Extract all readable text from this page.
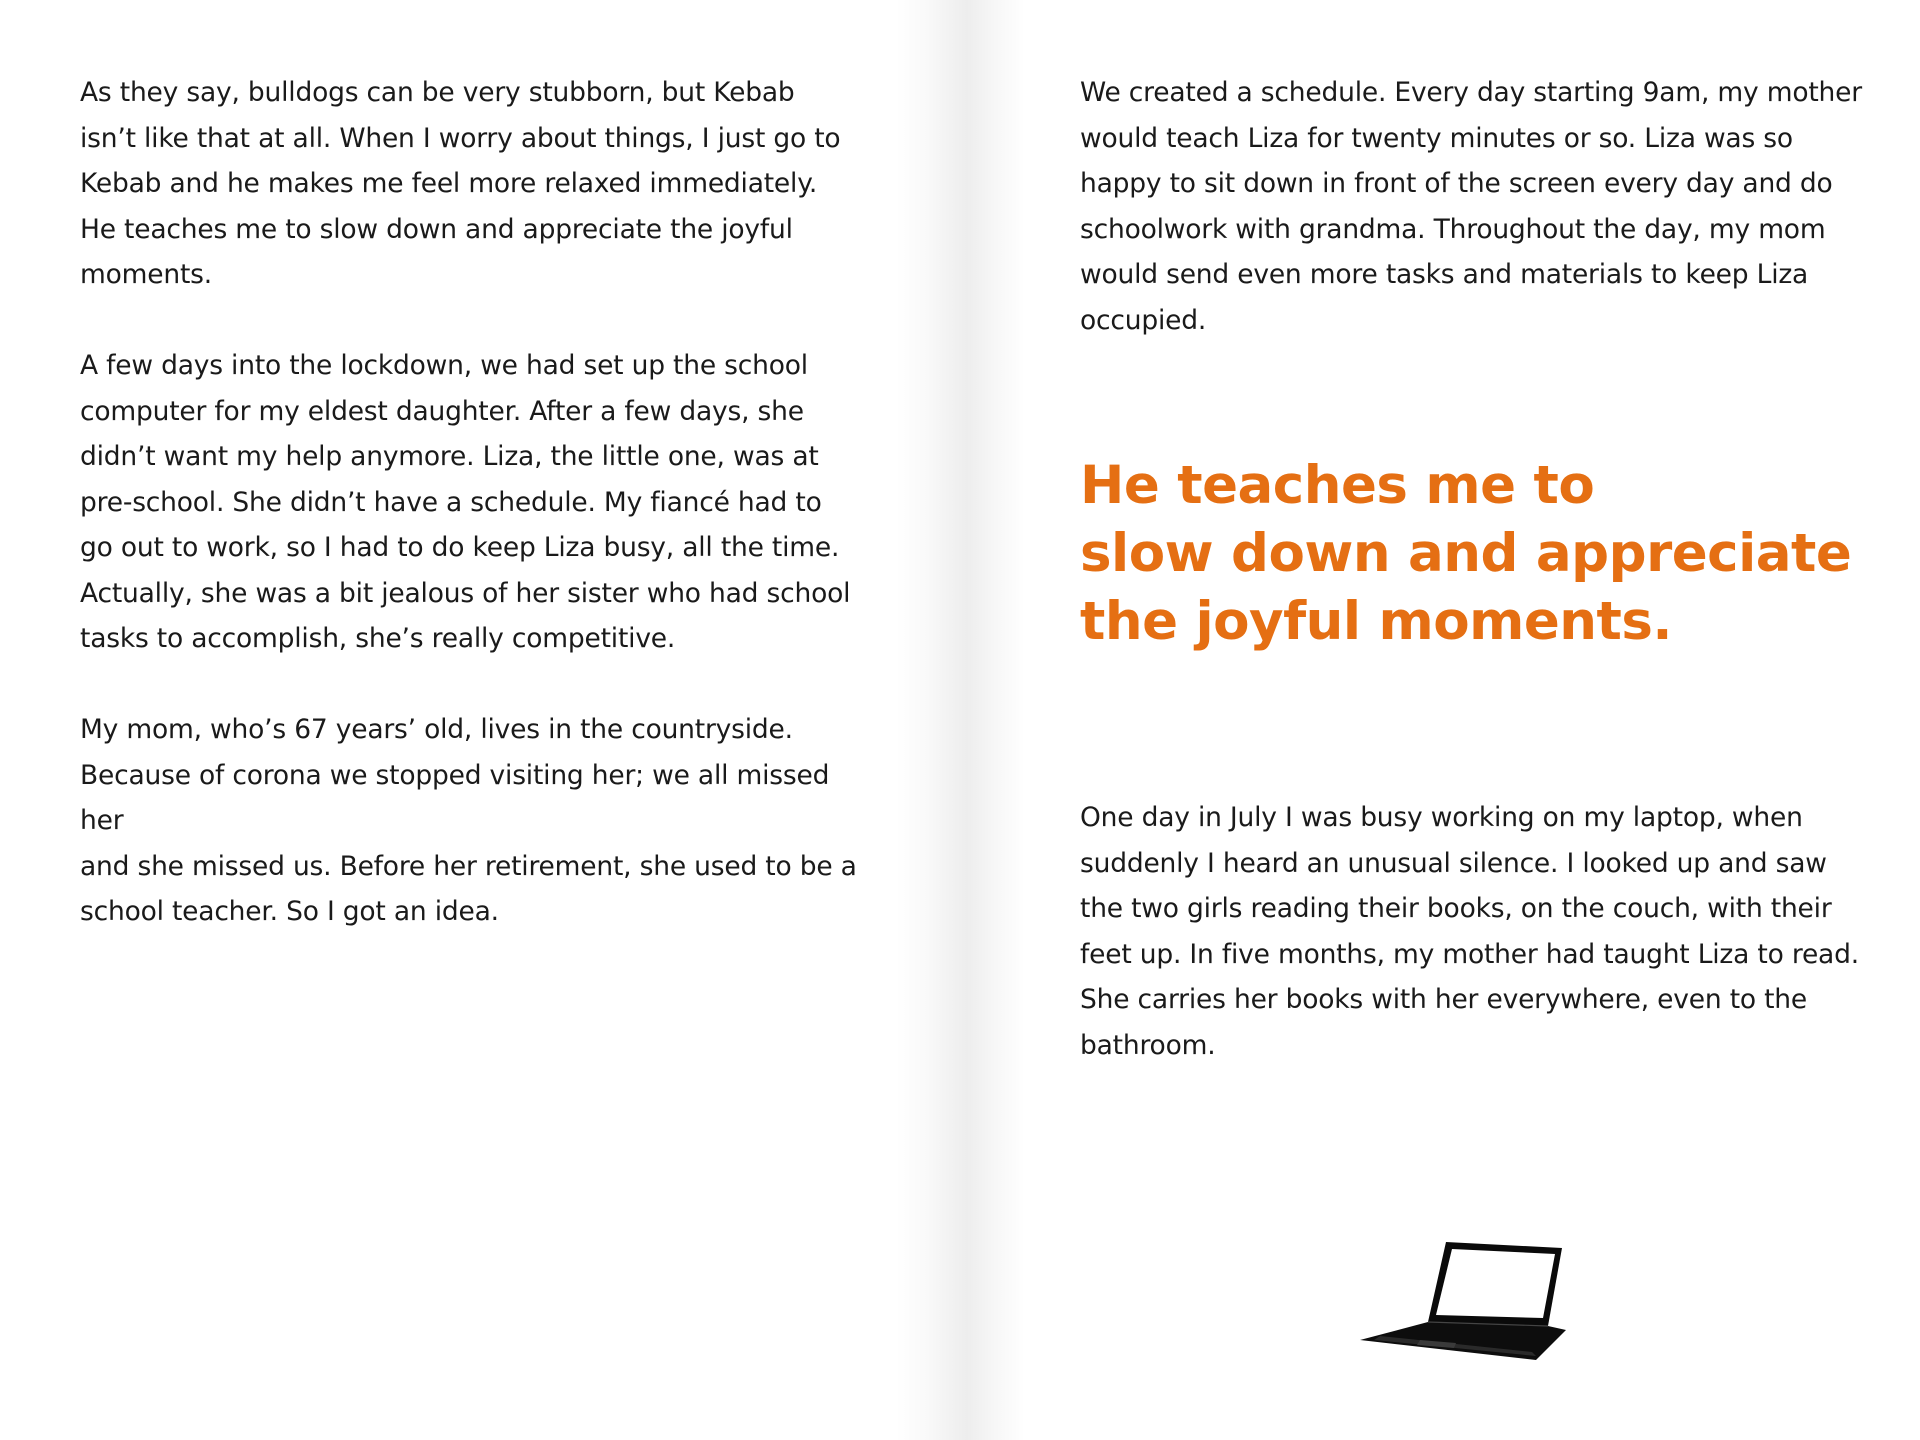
As they say, bulldogs can be very stubborn, but Kebab
isn’t like that at all. When I worry about things, I just go to
Kebab and he makes me feel more relaxed immediately.
He teaches me to slow down and appreciate the joyful
moments.

A few days into the lockdown, we had set up the school
computer for my eldest daughter. After a few days, she
didn’t want my help anymore. Liza, the little one, was at
pre-school. She didn’t have a schedule. My fiancé had to
go out to work, so I had to do keep Liza busy, all the time.
Actually, she was a bit jealous of her sister who had school
tasks to accomplish, she’s really competitive.

My mom, who’s 67 years’ old, lives in the countryside.
Because of corona we stopped visiting her; we all missed her
and she missed us. Before her retirement, she used to be a
school teacher. So I got an idea.

We created a schedule. Every day starting 9am, my mother
would teach Liza for twenty minutes or so. Liza was so
happy to sit down in front of the screen every day and do
schoolwork with grandma. Throughout the day, my mom
would send even more tasks and materials to keep Liza
occupied.

He teaches me to
slow down and appreciate
the joyful moments.

One day in July I was busy working on my laptop, when
suddenly I heard an unusual silence. I looked up and saw
the two girls reading their books, on the couch, with their
feet up. In five months, my mother had taught Liza to read.
She carries her books with her everywhere, even to the
bathroom.
